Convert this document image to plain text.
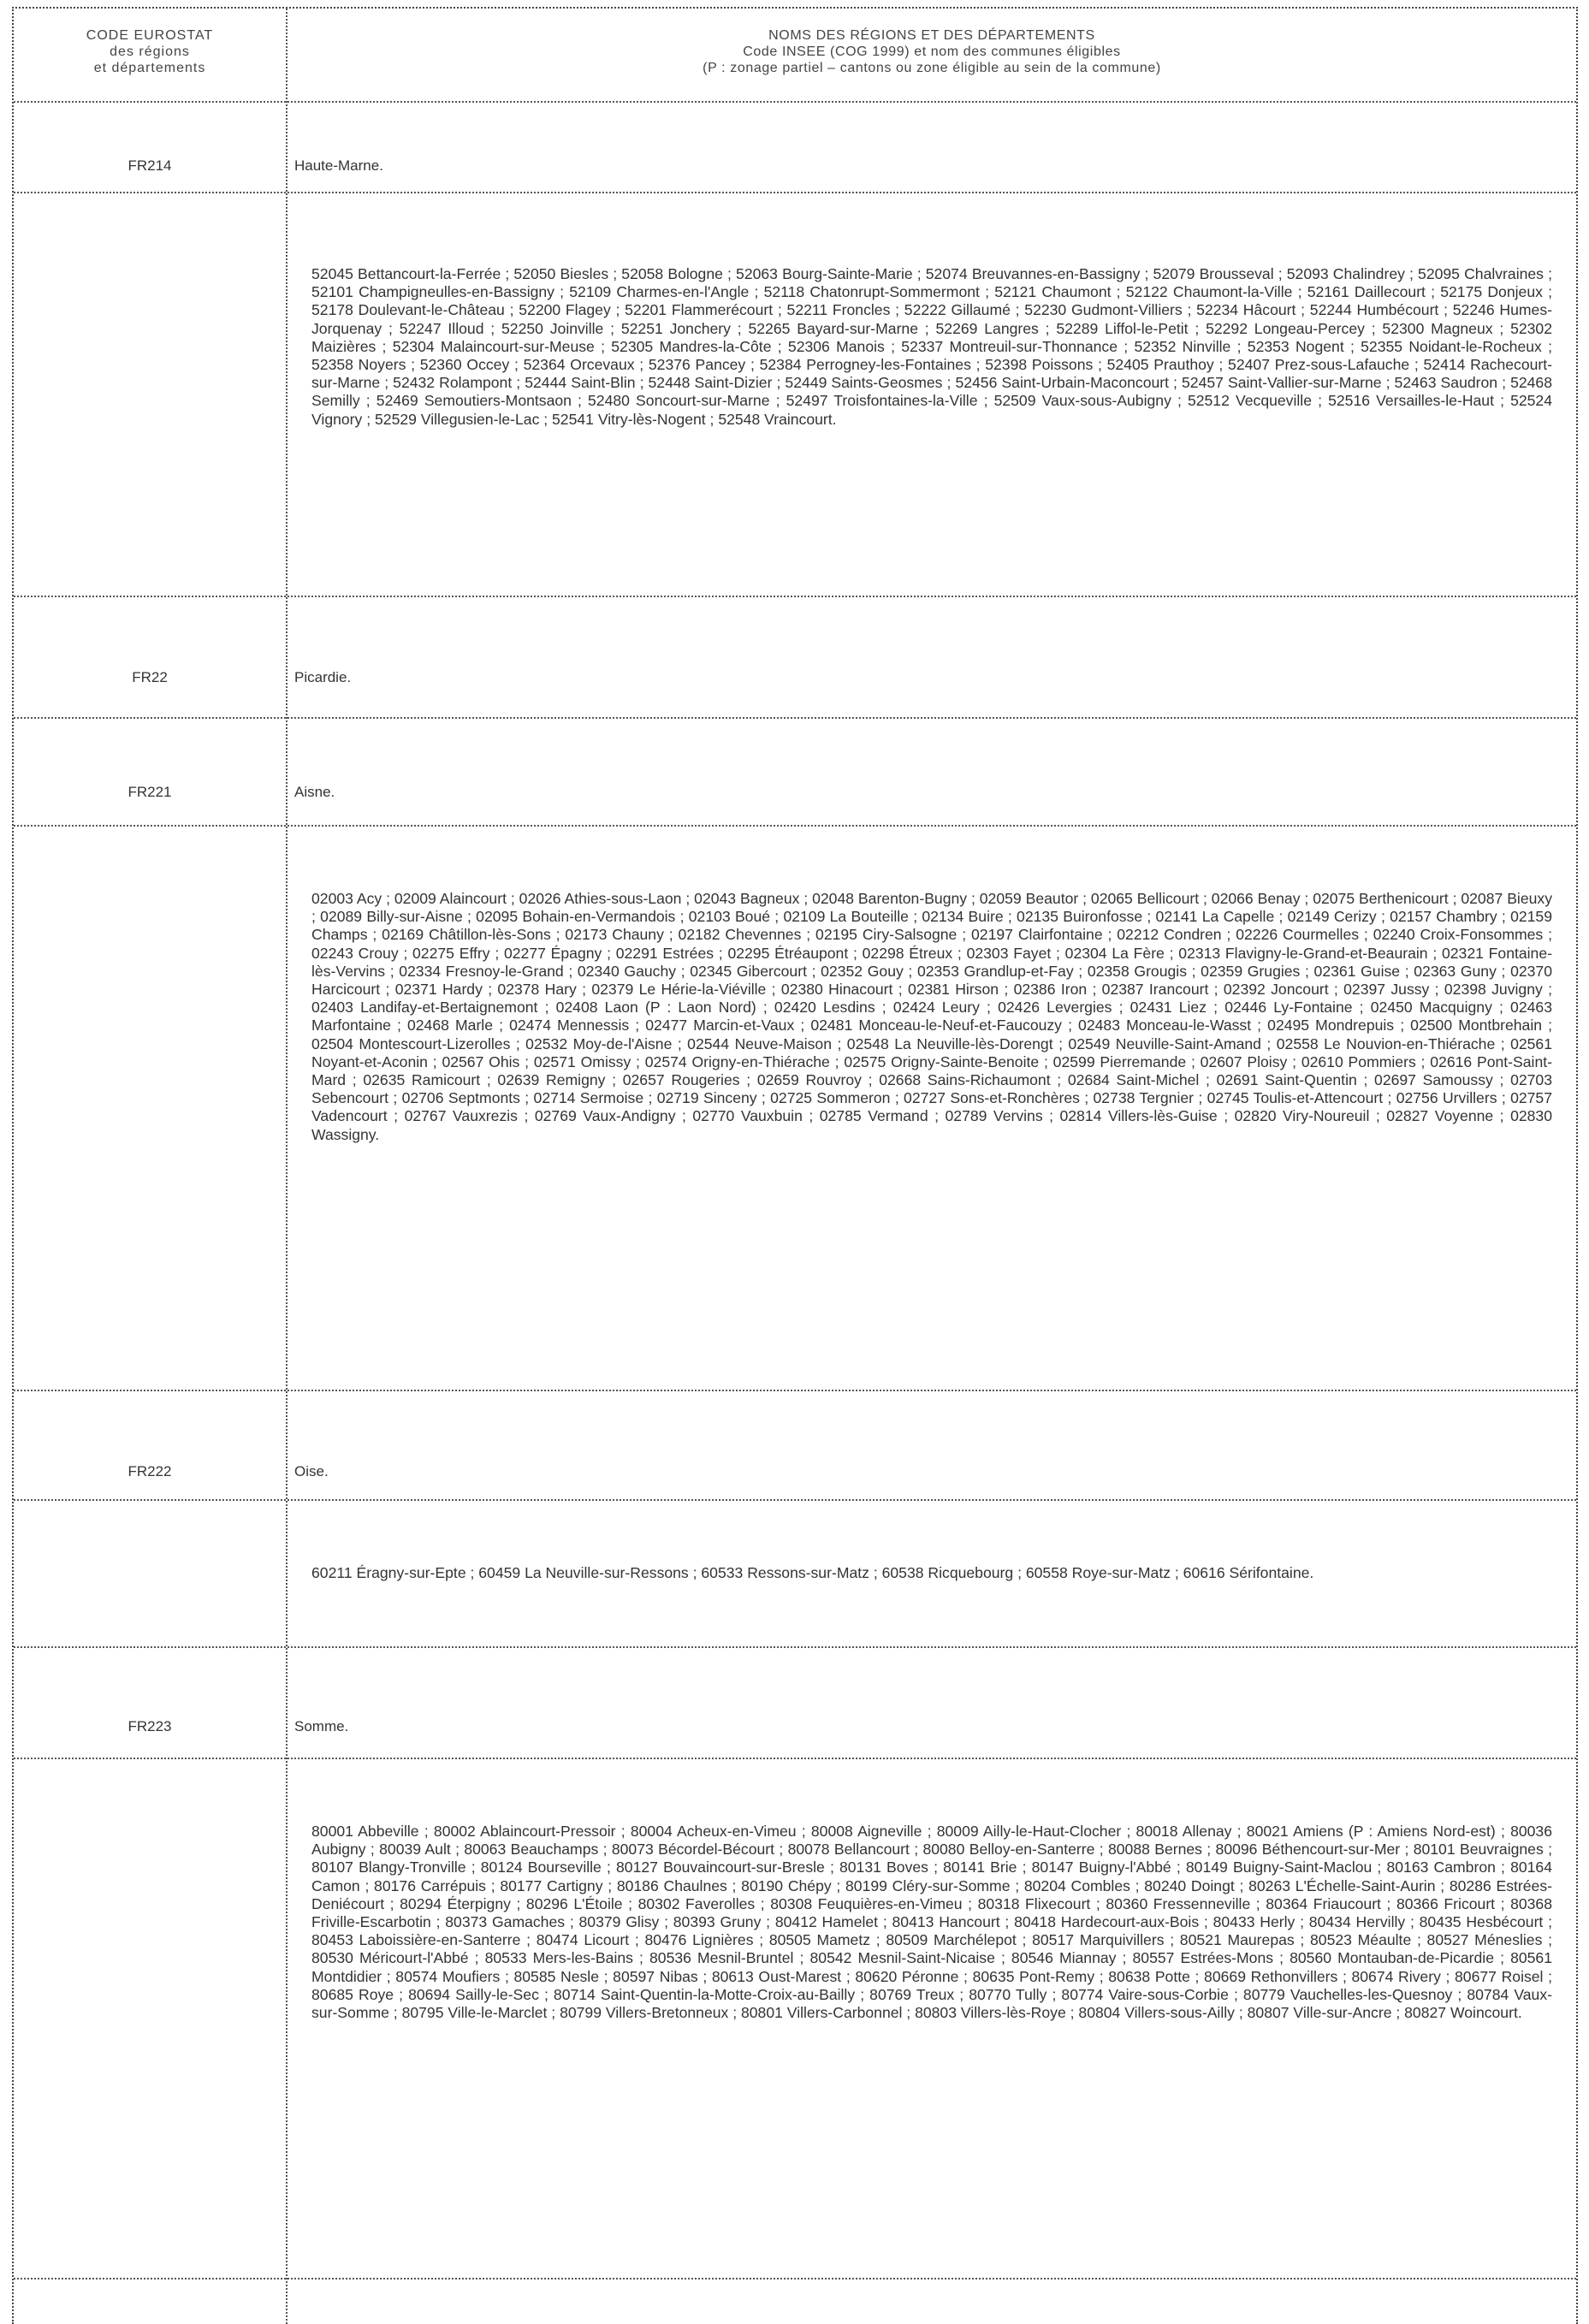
CODE EUROSTAT
des régions
et départements
NOMS DES RÉGIONS ET DES DÉPARTEMENTS
Code INSEE (COG 1999) et nom des communes éligibles
(P : zonage partiel – cantons ou zone éligible au sein de la commune)
FR214	Haute-Marne.
52045 Bettancourt-la-Ferrée ; 52050 Biesles ; 52058 Bologne ; 52063 Bourg-Sainte-Marie ; 52074 Breuvannes-en-Bassigny ; 52079 Brousseval ; 52093 Chalindrey ; 52095 Chalvraines ; 52101 Champigneulles-en-Bassigny ; 52109 Charmes-en-l'Angle ; 52118 Chatonrupt-Sommermont ; 52121 Chaumont ; 52122 Chaumont-la-Ville ; 52161 Daillecourt ; 52175 Donjeux ; 52178 Doulevant-le-Château ; 52200 Flagey ; 52201 Flammerécourt ; 52211 Froncles ; 52222 Gillaumé ; 52230 Gudmont-Villiers ; 52234 Hâcourt ; 52244 Humbécourt ; 52246 Humes-Jorquenay ; 52247 Illoud ; 52250 Joinville ; 52251 Jonchery ; 52265 Bayard-sur-Marne ; 52269 Langres ; 52289 Liffol-le-Petit ; 52292 Longeau-Percey ; 52300 Magneux ; 52302 Maizières ; 52304 Malaincourt-sur-Meuse ; 52305 Mandres-la-Côte ; 52306 Manois ; 52337 Montreuil-sur-Thonnance ; 52352 Ninville ; 52353 Nogent ; 52355 Noidant-le-Rocheux ; 52358 Noyers ; 52360 Occey ; 52364 Orcevaux ; 52376 Pancey ; 52384 Perrogney-les-Fontaines ; 52398 Poissons ; 52405 Prauthoy ; 52407 Prez-sous-Lafauche ; 52414 Rachecourt-sur-Marne ; 52432 Rolampont ; 52444 Saint-Blin ; 52448 Saint-Dizier ; 52449 Saints-Geosmes ; 52456 Saint-Urbain-Maconcourt ; 52457 Saint-Vallier-sur-Marne ; 52463 Saudron ; 52468 Semilly ; 52469 Semoutiers-Montsaon ; 52480 Soncourt-sur-Marne ; 52497 Troisfontaines-la-Ville ; 52509 Vaux-sous-Aubigny ; 52512 Vecqueville ; 52516 Versailles-le-Haut ; 52524 Vignory ; 52529 Villegusien-le-Lac ; 52541 Vitry-lès-Nogent ; 52548 Vraincourt.
FR22	Picardie.
FR221	Aisne.
02003 Acy ; 02009 Alaincourt ; 02026 Athies-sous-Laon ; 02043 Bagneux ; 02048 Barenton-Bugny ; 02059 Beautor ; 02065 Bellicourt ; 02066 Benay ; 02075 Berthenicourt ; 02087 Bieuxy ; 02089 Billy-sur-Aisne ; 02095 Bohain-en-Vermandois ; 02103 Boué ; 02109 La Bouteille ; 02134 Buire ; 02135 Buironfosse ; 02141 La Capelle ; 02149 Cerizy ; 02157 Chambry ; 02159 Champs ; 02169 Châtillon-lès-Sons ; 02173 Chauny ; 02182 Chevennes ; 02195 Ciry-Salsogne ; 02197 Clairfontaine ; 02212 Condren ; 02226 Courmelles ; 02240 Croix-Fonsommes ; 02243 Crouy ; 02275 Effry ; 02277 Épagny ; 02291 Estrées ; 02295 Étréaupont ; 02298 Étreux ; 02303 Fayet ; 02304 La Fère ; 02313 Flavigny-le-Grand-et-Beaurain ; 02321 Fontaine-lès-Vervins ; 02334 Fresnoy-le-Grand ; 02340 Gauchy ; 02345 Gibercourt ; 02352 Gouy ; 02353 Grandlup-et-Fay ; 02358 Grougis ; 02359 Grugies ; 02361 Guise ; 02363 Guny ; 02370 Harcicourt ; 02371 Hardy ; 02378 Hary ; 02379 Le Hérie-la-Viéville ; 02380 Hinacourt ; 02381 Hirson ; 02386 Iron ; 02387 Irancourt ; 02392 Joncourt ; 02397 Jussy ; 02398 Juvigny ; 02403 Landifay-et-Bertaignemont ; 02408 Laon (P : Laon Nord) ; 02420 Lesdins ; 02424 Leury ; 02426 Levergies ; 02431 Liez ; 02446 Ly-Fontaine ; 02450 Macquigny ; 02463 Marfontaine ; 02468 Marle ; 02474 Mennessis ; 02477 Marcin-et-Vaux ; 02481 Monceau-le-Neuf-et-Faucouzy ; 02483 Monceau-le-Wasst ; 02495 Mondrepuis ; 02500 Montbrehain ; 02504 Montescourt-Lizerolles ; 02532 Moy-de-l'Aisne ; 02544 Neuve-Maison ; 02548 La Neuville-lès-Dorengt ; 02549 Neuville-Saint-Amand ; 02558 Le Nouvion-en-Thiérache ; 02561 Noyant-et-Aconin ; 02567 Ohis ; 02571 Omissy ; 02574 Origny-en-Thiérache ; 02575 Origny-Sainte-Benoite ; 02599 Pierremande ; 02607 Ploisy ; 02610 Pommiers ; 02616 Pont-Saint-Mard ; 02635 Ramicourt ; 02639 Remigny ; 02657 Rougeries ; 02659 Rouvroy ; 02668 Sains-Richaumont ; 02684 Saint-Michel ; 02691 Saint-Quentin ; 02697 Samoussy ; 02703 Sebencourt ; 02706 Septmonts ; 02714 Sermoise ; 02719 Sinceny ; 02725 Sommeron ; 02727 Sons-et-Ronchères ; 02738 Tergnier ; 02745 Toulis-et-Attencourt ; 02756 Urvillers ; 02757 Vadencourt ; 02767 Vauxrezis ; 02769 Vaux-Andigny ; 02770 Vauxbuin ; 02785 Vermand ; 02789 Vervins ; 02814 Villers-lès-Guise ; 02820 Viry-Noureuil ; 02827 Voyenne ; 02830 Wassigny.
FR222	Oise.
60211 Éragny-sur-Epte ; 60459 La Neuville-sur-Ressons ; 60533 Ressons-sur-Matz ; 60538 Ricquebourg ; 60558 Roye-sur-Matz ; 60616 Sérifontaine.
FR223	Somme.
80001 Abbeville ; 80002 Ablaincourt-Pressoir ; 80004 Acheux-en-Vimeu ; 80008 Aigneville ; 80009 Ailly-le-Haut-Clocher ; 80018 Allenay ; 80021 Amiens (P : Amiens Nord-est) ; 80036 Aubigny ; 80039 Ault ; 80063 Beauchamps ; 80073 Bécordel-Bécourt ; 80078 Bellancourt ; 80080 Belloy-en-Santerre ; 80088 Bernes ; 80096 Béthencourt-sur-Mer ; 80101 Beuvraignes ; 80107 Blangy-Tronville ; 80124 Bourseville ; 80127 Bouvaincourt-sur-Bresle ; 80131 Boves ; 80141 Brie ; 80147 Buigny-l'Abbé ; 80149 Buigny-Saint-Maclou ; 80163 Cambron ; 80164 Camon ; 80176 Carrépuis ; 80177 Cartigny ; 80186 Chaulnes ; 80190 Chépy ; 80199 Cléry-sur-Somme ; 80204 Combles ; 80240 Doingt ; 80263 L'Échelle-Saint-Aurin ; 80286 Estrées-Deniécourt ; 80294 Éterpigny ; 80296 L'Étoile ; 80302 Faverolles ; 80308 Feuquières-en-Vimeu ; 80318 Flixecourt ; 80360 Fressenneville ; 80364 Friaucourt ; 80366 Fricourt ; 80368 Friville-Escarbotin ; 80373 Gamaches ; 80379 Glisy ; 80393 Gruny ; 80412 Hamelet ; 80413 Hancourt ; 80418 Hardecourt-aux-Bois ; 80433 Herly ; 80434 Hervilly ; 80435 Hesbécourt ; 80453 Laboissière-en-Santerre ; 80474 Licourt ; 80476 Lignières ; 80505 Mametz ; 80509 Marchélepot ; 80517 Marquivillers ; 80521 Maurepas ; 80523 Méaulte ; 80527 Méneslies ; 80530 Méricourt-l'Abbé ; 80533 Mers-les-Bains ; 80536 Mesnil-Bruntel ; 80542 Mesnil-Saint-Nicaise ; 80546 Miannay ; 80557 Estrées-Mons ; 80560 Montauban-de-Picardie ; 80561 Montdidier ; 80574 Moufiers ; 80585 Nesle ; 80597 Nibas ; 80613 Oust-Marest ; 80620 Péronne ; 80635 Pont-Remy ; 80638 Potte ; 80669 Rethonvillers ; 80674 Rivery ; 80677 Roisel ; 80685 Roye ; 80694 Sailly-le-Sec ; 80714 Saint-Quentin-la-Motte-Croix-au-Bailly ; 80769 Treux ; 80770 Tully ; 80774 Vaire-sous-Corbie ; 80779 Vauchelles-les-Quesnoy ; 80784 Vaux-sur-Somme ; 80795 Ville-le-Marclet ; 80799 Villers-Bretonneux ; 80801 Villers-Carbonnel ; 80803 Villers-lès-Roye ; 80804 Villers-sous-Ailly ; 80807 Ville-sur-Ancre ; 80827 Woincourt.
